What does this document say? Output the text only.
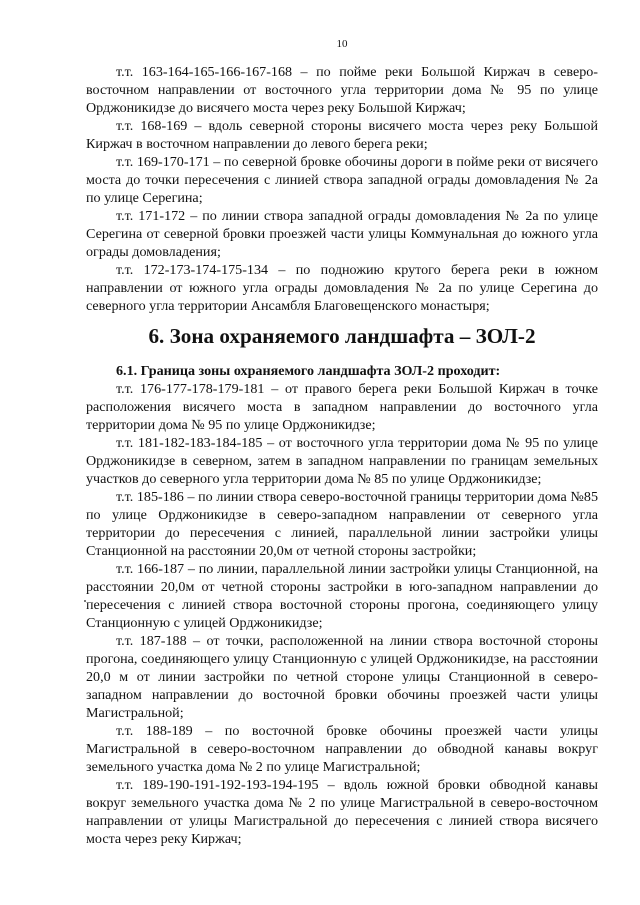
10

т.т. 163-164-165-166-167-168 – по пойме реки Большой Киржач в северо-восточном направлении от восточного угла территории дома № 95 по улице Орджоникидзе до висячего моста через реку Большой Киржач;

т.т. 168-169 – вдоль северной стороны висячего моста через реку Большой Киржач в восточном направлении до левого берега реки;

т.т. 169-170-171 – по северной бровке обочины дороги в пойме реки от висячего моста до точки пересечения с линией створа западной ограды домовладения № 2а по улице Серегина;

т.т. 171-172 – по линии створа западной ограды домовладения № 2а по улице Серегина от северной бровки проезжей части улицы Коммунальная до южного угла ограды домовладения;

т.т. 172-173-174-175-134 – по подножию крутого берега реки в южном направлении от южного угла ограды домовладения № 2а по улице Серегина до северного угла территории Ансамбля Благовещенского монастыря;

6. Зона охраняемого ландшафта – ЗОЛ-2

6.1. Граница зоны охраняемого ландшафта ЗОЛ-2 проходит:

т.т. 176-177-178-179-181 – от правого берега реки Большой Киржач в точке расположения висячего моста в западном направлении до восточного угла территории дома № 95 по улице Орджоникидзе;

т.т. 181-182-183-184-185 – от восточного угла территории дома № 95 по улице Орджоникидзе в северном, затем в западном направлении по границам земельных участков до северного угла территории дома № 85 по улице Орджоникидзе;

т.т. 185-186 – по линии створа северо-восточной границы территории дома №85 по улице Орджоникидзе в северо-западном направлении от северного угла территории до пересечения с линией, параллельной линии застройки улицы Станционной на расстоянии 20,0м от четной стороны застройки;

т.т. 166-187 – по линии, параллельной линии застройки улицы Станционной, на расстоянии 20,0м от четной стороны застройки в юго-западном направлении до пересечения с линией створа восточной стороны прогона, соединяющего улицу Станционную с улицей Орджоникидзе;

т.т. 187-188 – от точки, расположенной на линии створа восточной стороны прогона, соединяющего улицу Станционную с улицей Орджоникидзе, на расстоянии 20,0 м от линии застройки по четной стороне улицы Станционной в северо-западном направлении до восточной бровки обочины проезжей части улицы Магистральной;

т.т. 188-189 – по восточной бровке обочины проезжей части улицы Магистральной в северо-восточном направлении до обводной канавы вокруг земельного участка дома № 2 по улице Магистральной;

т.т. 189-190-191-192-193-194-195 – вдоль южной бровки обводной канавы вокруг земельного участка дома № 2 по улице Магистральной в северо-восточном направлении от улицы Магистральной до пересечения с линией створа висячего моста через реку Киржач;
